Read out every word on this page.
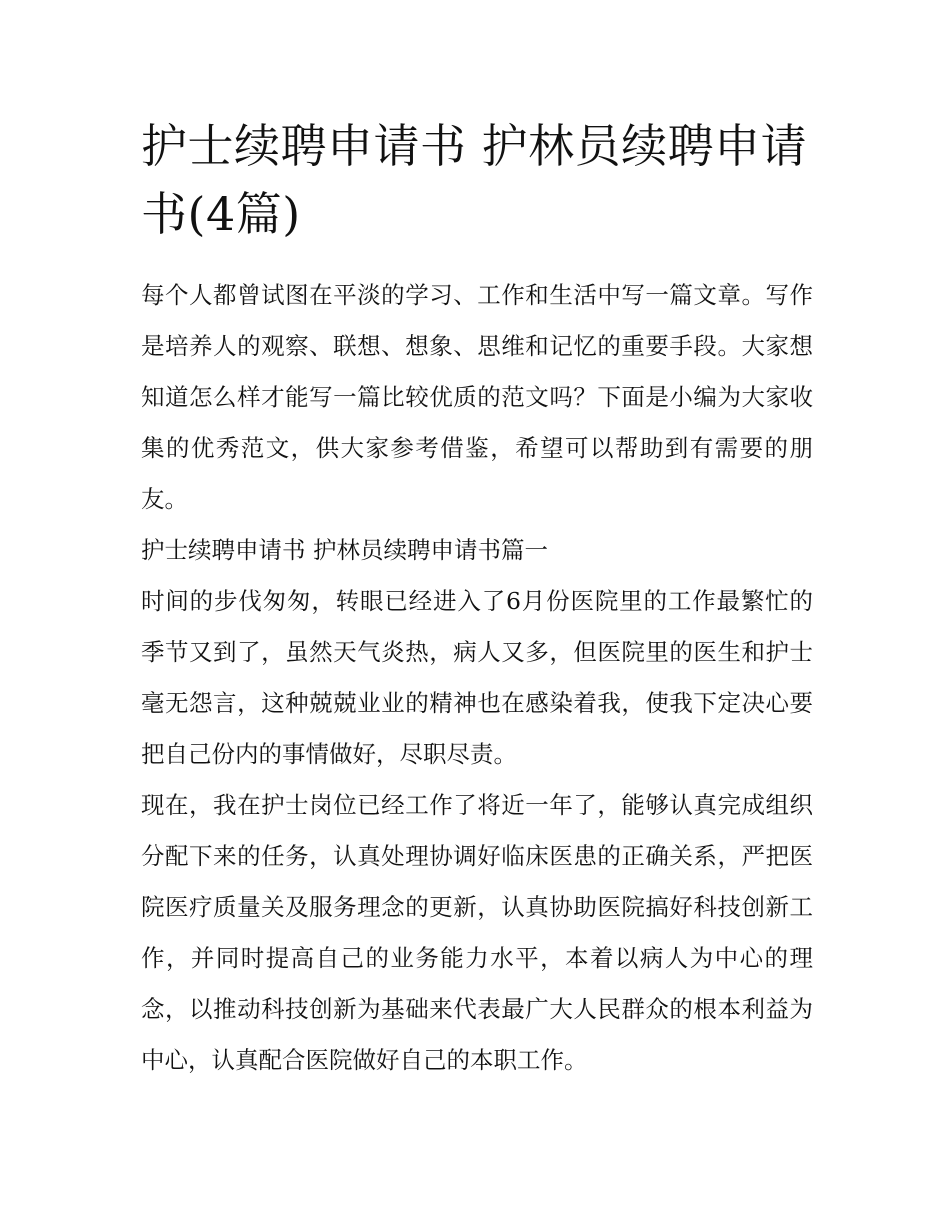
护士续聘申请书 护林员续聘申请书(4篇)

每个人都曾试图在平淡的学习、工作和生活中写一篇文章。写作是培养人的观察、联想、想象、思维和记忆的重要手段。大家想知道怎么样才能写一篇比较优质的范文吗？下面是小编为大家收集的优秀范文，供大家参考借鉴，希望可以帮助到有需要的朋友。

护士续聘申请书 护林员续聘申请书篇一

时间的步伐匆匆，转眼已经进入了6月份医院里的工作最繁忙的季节又到了，虽然天气炎热，病人又多，但医院里的医生和护士毫无怨言，这种兢兢业业的精神也在感染着我，使我下定决心要把自己份内的事情做好，尽职尽责。

现在，我在护士岗位已经工作了将近一年了，能够认真完成组织分配下来的任务，认真处理协调好临床医患的正确关系，严把医院医疗质量关及服务理念的更新，认真协助医院搞好科技创新工作，并同时提高自己的业务能力水平，本着以病人为中心的理念，以推动科技创新为基础来代表最广大人民群众的根本利益为中心，认真配合医院做好自己的本职工作。
